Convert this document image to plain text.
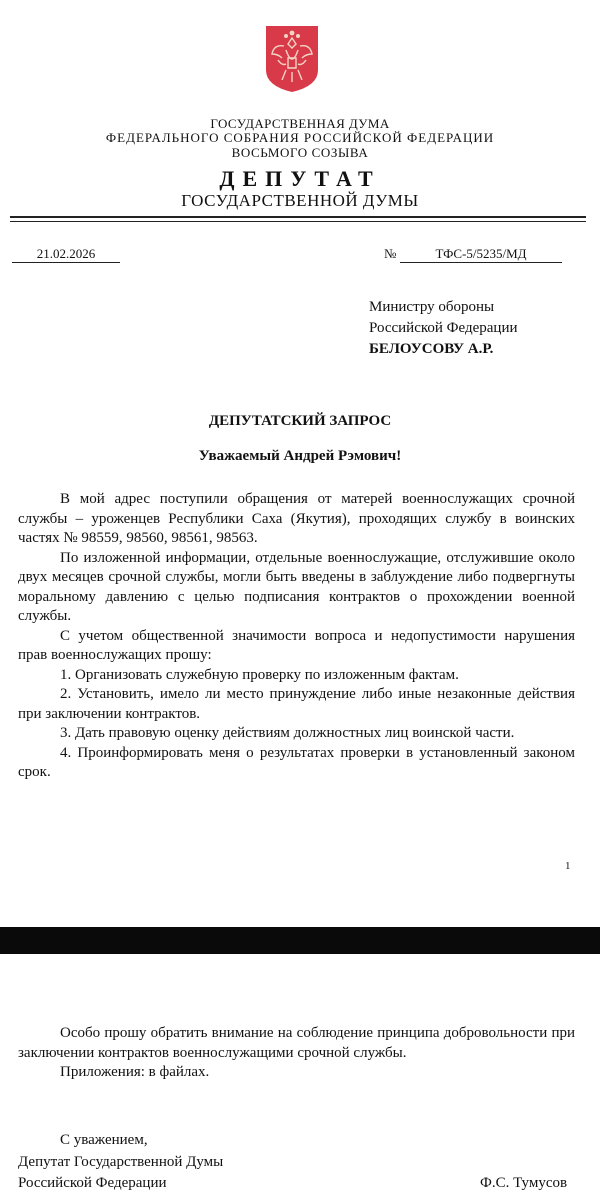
ГОСУДАРСТВЕННАЯ ДУМА
ФЕДЕРАЛЬНОГО СОБРАНИЯ РОССИЙСКОЙ ФЕДЕРАЦИИ
ВОСЬМОГО СОЗЫВА
ДЕПУТАТ
ГОСУДАРСТВЕННОЙ ДУМЫ
21.02.2026	№	ТФС-5/5235/МД
Министру обороны
Российской Федерации
БЕЛОУСОВУ А.Р.
ДЕПУТАТСКИЙ ЗАПРОС
Уважаемый Андрей Рэмович!

В мой адрес поступили обращения от матерей военнослужащих срочной службы – уроженцев Республики Саха (Якутия), проходящих службу в воинских частях № 98559, 98560, 98561, 98563.

По изложенной информации, отдельные военнослужащие, отслужившие около двух месяцев срочной службы, могли быть введены в заблуждение либо подвергнуты моральному давлению с целью подписания контрактов о прохождении военной службы.

С учетом общественной значимости вопроса и недопустимости нарушения прав военнослужащих прошу:

1. Организовать служебную проверку по изложенным фактам.

2. Установить, имело ли место принуждение либо иные незаконные действия при заключении контрактов.

3. Дать правовую оценку действиям должностных лиц воинской части.

4. Проинформировать меня о результатах проверки в установленный законом срок.

1

Особо прошу обратить внимание на соблюдение принципа добровольности при заключении контрактов военнослужащими срочной службы.

Приложения: в файлах.

С уважением,
Депутат Государственной Думы
Российской Федерации	Ф.С. Тумусов
